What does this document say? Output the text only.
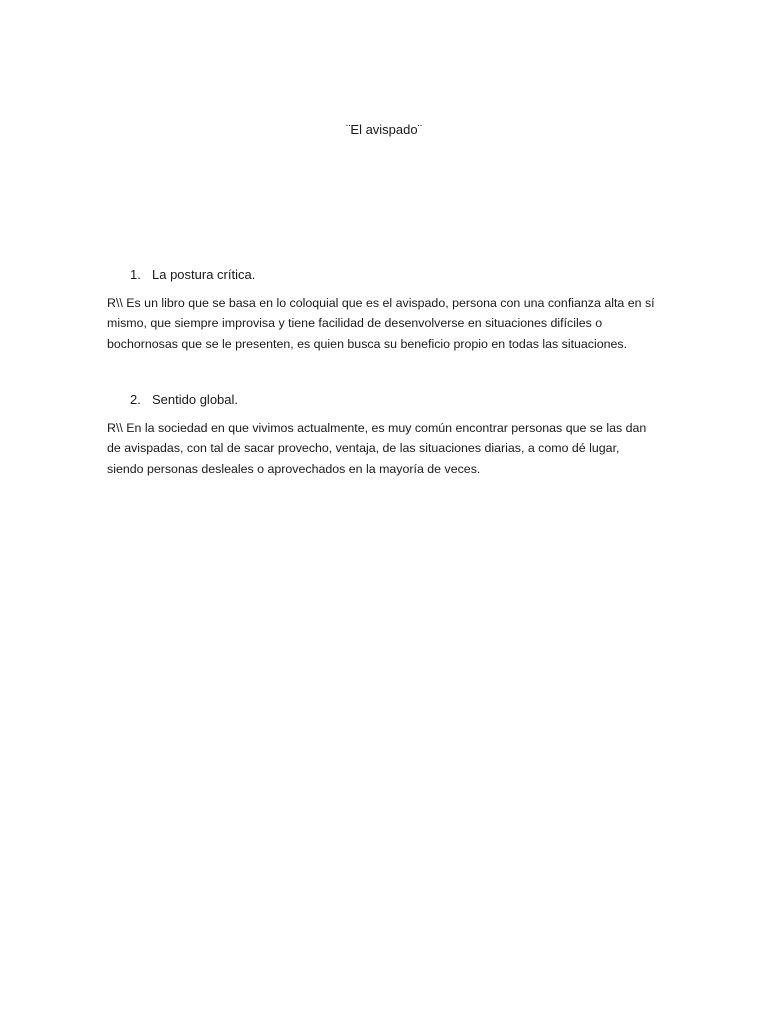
¨El avispado¨
1. La postura crítica.

R\\ Es un libro que se basa en lo coloquial que es el avispado, persona con una confianza alta en sí
mismo, que siempre improvisa y tiene facilidad de desenvolverse en situaciones difíciles o
bochornosas que se le presenten, es quien busca su beneficio propio en todas las situaciones.

2. Sentido global.

R\\ En la sociedad en que vivimos actualmente, es muy común encontrar personas que se las dan
de avispadas, con tal de sacar provecho, ventaja, de las situaciones diarias, a como dé lugar,
siendo personas desleales o aprovechados en la mayoría de veces.
